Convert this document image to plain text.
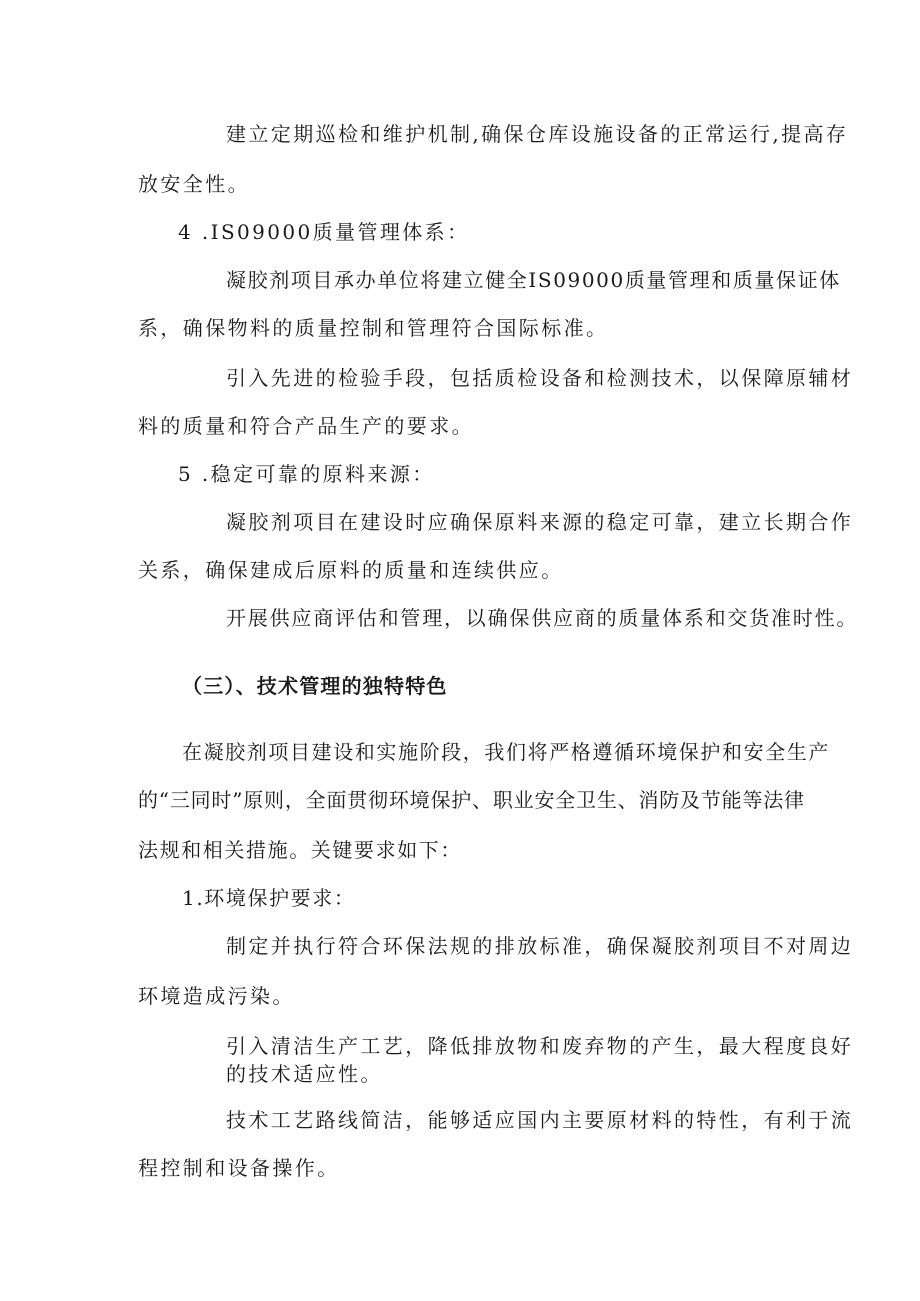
建立定期巡检和维护机制,确保仓库设施设备的正常运行,提高存
放安全性。
4 .IS09000质量管理体系：
凝胶剂项目承办单位将建立健全IS09000质量管理和质量保证体
系，确保物料的质量控制和管理符合国际标准。
引入先进的检验手段，包括质检设备和检测技术，以保障原辅材
料的质量和符合产品生产的要求。
5 .稳定可靠的原料来源：
凝胶剂项目在建设时应确保原料来源的稳定可靠，建立长期合作
关系，确保建成后原料的质量和连续供应。
开展供应商评估和管理，以确保供应商的质量体系和交货准时性。
（三）、技术管理的独特特色
在凝胶剂项目建设和实施阶段，我们将严格遵循环境保护和安全生产
的“三同时”原则，全面贯彻环境保护、职业安全卫生、消防及节能等法律
法规和相关措施。关键要求如下：
1.环境保护要求：
制定并执行符合环保法规的排放标准，确保凝胶剂项目不对周边
环境造成污染。
引入清洁生产工艺，降低排放物和废弃物的产生，最大程度良好
的技术适应性。
技术工艺路线简洁，能够适应国内主要原材料的特性，有利于流
程控制和设备操作。
